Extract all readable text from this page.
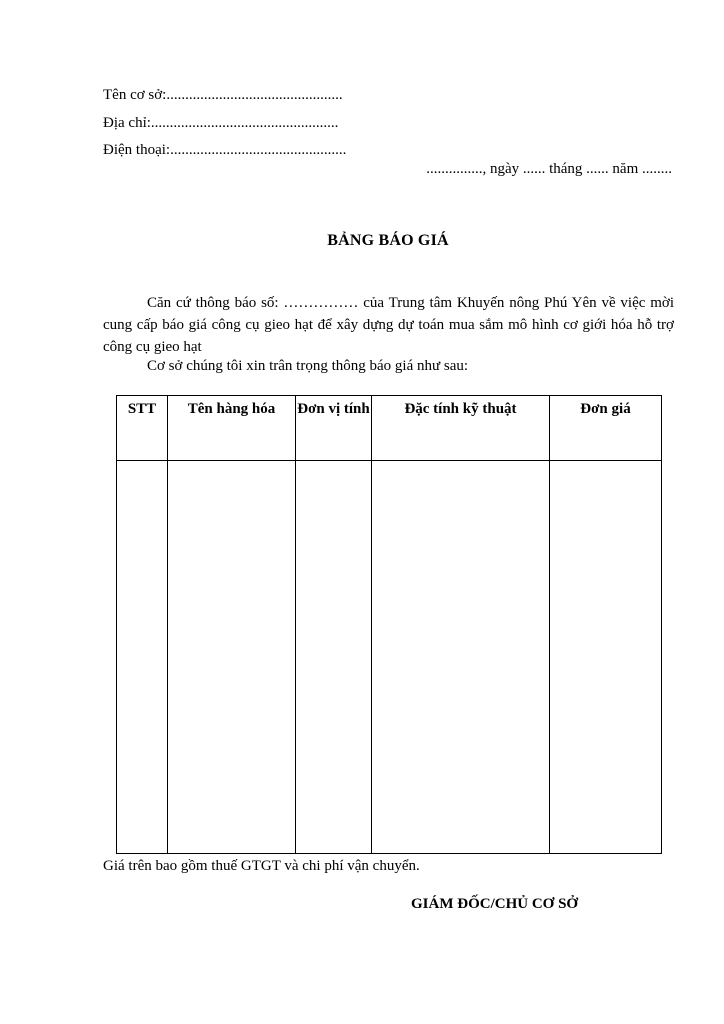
Tên cơ sở:...............................................
Địa chỉ:..................................................
Điện thoại:...............................................
..............., ngày ...... tháng ...... năm ........
BẢNG BÁO GIÁ
Căn cứ thông báo số: …………… của Trung tâm Khuyến nông Phú Yên về việc mời cung cấp báo giá công cụ gieo hạt để xây dựng dự toán mua sắm mô hình cơ giới hóa hỗ trợ công cụ gieo hạt
Cơ sở chúng tôi xin trân trọng thông báo giá như sau:
STT	Tên hàng hóa	Đơn vị tính	Đặc tính kỹ thuật	Đơn giá

Giá trên bao gồm thuế GTGT và chi phí vận chuyển.
GIÁM ĐỐC/CHỦ CƠ SỞ
